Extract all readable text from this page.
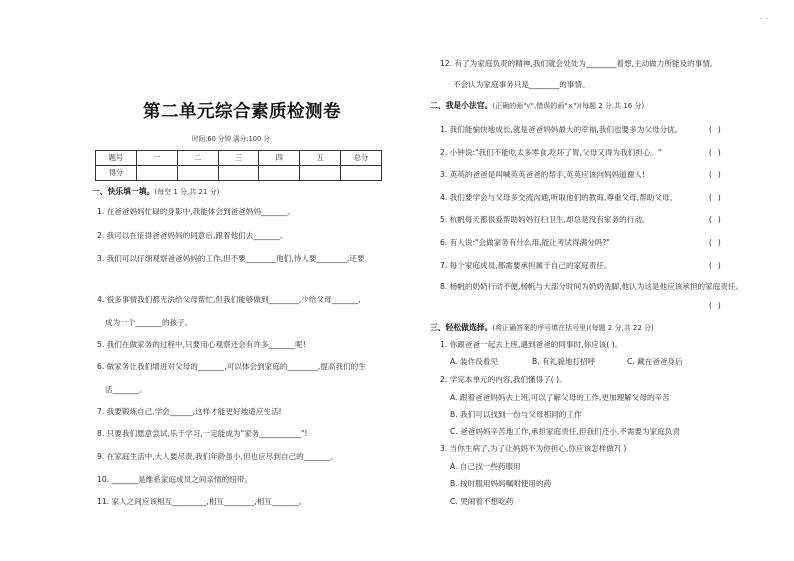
- -
第二单元综合素质检测卷
时间:60 分钟 满分:100 分
题号	一	二	三	四	五	总分
得分						
一、快乐填一填。(每空 1 分,共 21 分)
1. 在爸爸妈妈忙碌的身影中,我能体会到爸爸妈妈_______。
2. 我可以在征得爸爸妈妈的同意后,跟着他们去_______。
3. 我们可以仔细观察爸爸妈妈的工作,但不要________他们,待人要________,还要
4. 很多事情我们都无法给父母帮忙,但我们能够做到________,少给父母_______,
成为一个_______的孩子。
5. 我们在做家务的过程中,只要用心观察还会有许多_______呢!
6. 做家务让我们增进对父母的_______,可以体会到家庭的________,提高我们的生
活_______。
7. 我要锻炼自己,学会______,这样才能更好地适应生活!
8. 只要我们愿意尝试,乐于学习,一定能成为"家务___________"!
9. 在家庭生活中,大人要尽责,我们年龄虽小,但也应尽到自己的_______。
10. _______是维系家庭成员之间亲情的纽带。
11. 家人之间应该相互_________,相互________,相互_______。
12. 有了为家庭负责的精神,我们就会处处为________着想,主动做力所能及的事情,
不会认为家庭事务只是________的事情。
二、我是小法官。(正确的画"√",错误的画"×")(每题 2 分,共 16 分)
1. 我们能愉快地成长,就是爸爸妈妈最大的幸福,我们也要多为父母分忧。	( )
2. 小钟说:"我们不能吃太多零食,吃坏了胃,父母又得为我们担心。"	( )
3. 英英的爸爸是叫喊英英爸爸的帮手,英英应该向妈妈道谢人!	( )
4. 我们要学会与父母多交流沟通,听取他们的教诲,尊重父母,帮助父母。	( )
5. 杭帆每天都很爱帮助妈妈打扫卫生,却总是没有家务的行动。	( )
6. 有人说:"会做家务有什么用,能让考试得满分吗?"	( )
7. 每个家庭成员,都需要承担属于自己的家庭责任。	( )
8. 杨帆的奶奶行动不便,杨帆与大部分时间为奶奶洗脚,他认为这是他应该承担的家庭责任。
( )
三、轻松做选择。(将正确答案的序号填在括号里)(每题 2 分,共 22 分)
1. 你跟爸爸一起去上班,遇到爸爸的同事时,你应该( )。
A. 装作没看见	B. 有礼貌地打招呼	C. 藏在爸爸身后
2. 学完本单元的内容,我们懂得了( )。
A. 跟着爸爸妈妈去上班,可以了解父母的工作,更加理解父母的辛苦
B. 我们可以找到一份与父母相同的工作
C. 爸爸妈妈辛苦地工作,承担家庭责任,但我们还小,不需要为家庭负责
3. 当你生病了,为了让妈妈不为你担心,你应该怎样做?( )
A. 自己找一些药服用
B. 按时服用妈妈嘱咐使用的药
C. 哭闹着不想吃药
